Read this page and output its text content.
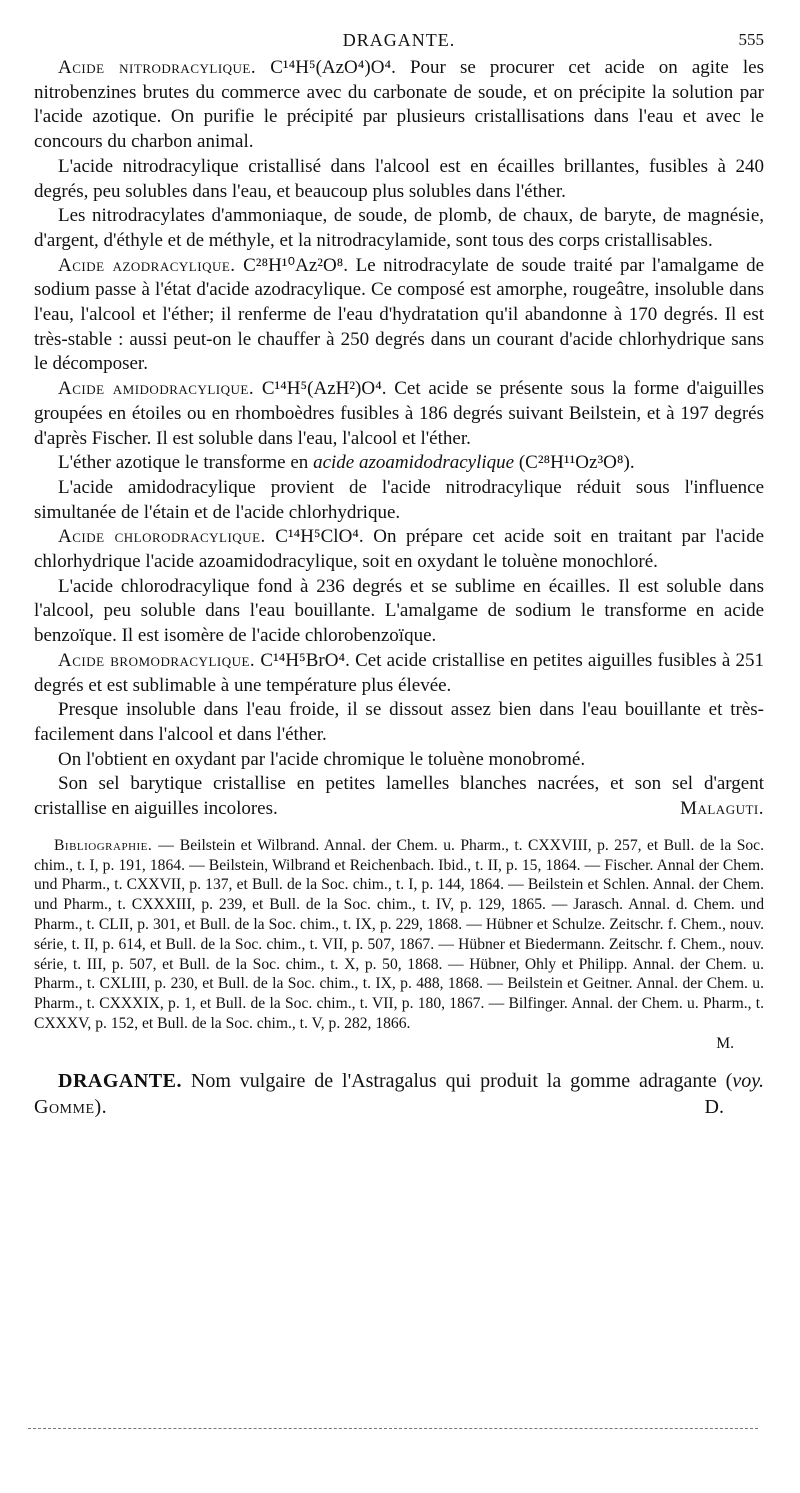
DRAGANTE.	555

Acide nitrodracylique. C¹⁴H⁵(AzO⁴)O⁴. Pour se procurer cet acide on agite les nitrobenzines brutes du commerce avec du carbonate de soude, et on précipite la solution par l'acide azotique. On purifie le précipité par plusieurs cristallisations dans l'eau et avec le concours du charbon animal.

L'acide nitrodracylique cristallisé dans l'alcool est en écailles brillantes, fusibles à 240 degrés, peu solubles dans l'eau, et beaucoup plus solubles dans l'éther.

Les nitrodracylates d'ammoniaque, de soude, de plomb, de chaux, de baryte, de magnésie, d'argent, d'éthyle et de méthyle, et la nitrodracylamide, sont tous des corps cristallisables.

Acide azodracylique. C²⁸H¹⁰Az²O⁸. Le nitrodracylate de soude traité par l'amalgame de sodium passe à l'état d'acide azodracylique. Ce composé est amorphe, rougeâtre, insoluble dans l'eau, l'alcool et l'éther; il renferme de l'eau d'hydratation qu'il abandonne à 170 degrés. Il est très-stable : aussi peut-on le chauffer à 250 degrés dans un courant d'acide chlorhydrique sans le décomposer.

Acide amidodracylique. C¹⁴H⁵(AzH²)O⁴. Cet acide se présente sous la forme d'aiguilles groupées en étoiles ou en rhomboèdres fusibles à 186 degrés suivant Beilstein, et à 197 degrés d'après Fischer. Il est soluble dans l'eau, l'alcool et l'éther.

L'éther azotique le transforme en acide azoamidodracylique (C²⁸H¹¹Oz³O⁸).

L'acide amidodracylique provient de l'acide nitrodracylique réduit sous l'influence simultanée de l'étain et de l'acide chlorhydrique.

Acide chlorodracylique. C¹⁴H⁵ClO⁴. On prépare cet acide soit en traitant par l'acide chlorhydrique l'acide azoamidodracylique, soit en oxydant le toluène monochloré.

L'acide chlorodracylique fond à 236 degrés et se sublime en écailles. Il est soluble dans l'alcool, peu soluble dans l'eau bouillante. L'amalgame de sodium le transforme en acide benzoïque. Il est isomère de l'acide chlorobenzoïque.

Acide bromodracylique. C¹⁴H⁵BrO⁴. Cet acide cristallise en petites aiguilles fusibles à 251 degrés et est sublimable à une température plus élevée.

Presque insoluble dans l'eau froide, il se dissout assez bien dans l'eau bouillante et très-facilement dans l'alcool et dans l'éther.

On l'obtient en oxydant par l'acide chromique le toluène monobromé.

Son sel barytique cristallise en petites lamelles blanches nacrées, et son sel d'argent cristallise en aiguilles incolores.	Malaguti.

Bibliographie. — Beilstein et Wilbrand. Annal. der Chem. u. Pharm., t. CXXVIII, p. 257, et Bull. de la Soc. chim., t. I, p. 191, 1864. — Beilstein, Wilbrand et Reichenbach. Ibid., t. II, p. 15, 1864. — Fischer. Annal der Chem. und Pharm., t. CXXVII, p. 137, et Bull. de la Soc. chim., t. I, p. 144, 1864. — Beilstein et Schlen. Annal. der Chem. und Pharm., t. CXXXIII, p. 239, et Bull. de la Soc. chim., t. IV, p. 129, 1865. — Jarasch. Annal. d. Chem. und Pharm., t. CLII, p. 301, et Bull. de la Soc. chim., t. IX, p. 229, 1868. — Hübner et Schulze. Zeitschr. f. Chem., nouv. série, t. II, p. 614, et Bull. de la Soc. chim., t. VII, p. 507, 1867. — Hübner et Biedermann. Zeitschr. f. Chem., nouv. série, t. III, p. 507, et Bull. de la Soc. chim., t. X, p. 50, 1868. — Hübner, Ohly et Philipp. Annal. der Chem. u. Pharm., t. CXLIII, p. 230, et Bull. de la Soc. chim., t. IX, p. 488, 1868. — Beilstein et Geitner. Annal. der Chem. u. Pharm., t. CXXXIX, p. 1, et Bull. de la Soc. chim., t. VII, p. 180, 1867. — Bilfinger. Annal. der Chem. u. Pharm., t. CXXXV, p. 152, et Bull. de la Soc. chim., t. V, p. 282, 1866.

M.

DRAGANTE. Nom vulgaire de l'Astragalus qui produit la gomme adragante (voy. Gomme).	D.
